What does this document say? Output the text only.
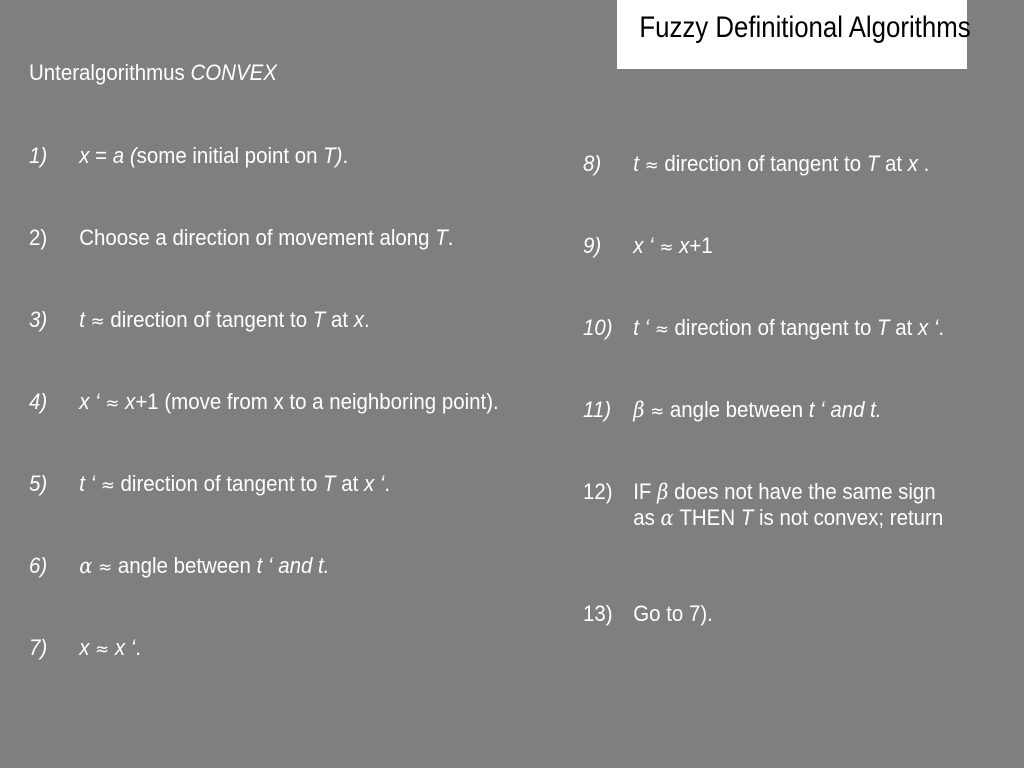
Fuzzy Definitional Algorithms
Unteralgorithmus CONVEX
1) x = a (some initial point on T).
2) Choose a direction of movement along T.
3) t ≈ direction of tangent to T at x.
4) x ‘ ≈ x+1 (move from x to a neighboring point).
5) t ‘ ≈ direction of tangent to T at x ‘.
6) α ≈ angle between t ‘ and t.
7) x ≈ x ‘.
8) t ≈ direction of tangent to T at x .
9) x ‘ ≈ x+1
10) t ‘ ≈ direction of tangent to T at x ‘.
11) β ≈ angle between t ‘ and t.
12) IF β does not have the same sign
as α THEN T is not convex; return
13) Go to 7).
